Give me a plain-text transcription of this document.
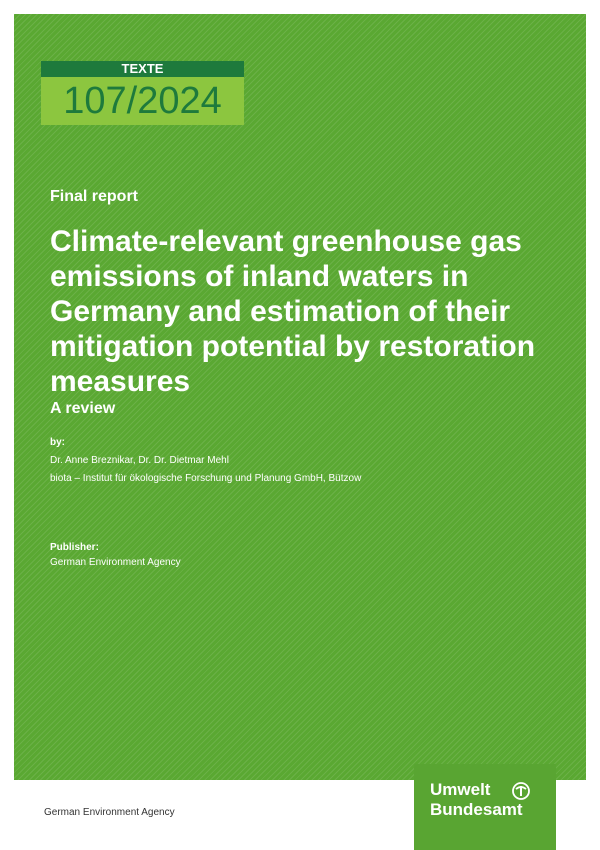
TEXTE
107/2024
Final report
Climate-relevant greenhouse gas emissions of inland waters in Germany and estimation of their mitigation potential by restoration measures
A review
by:
Dr. Anne Breznikar, Dr. Dr. Dietmar Mehl
biota – Institut für ökologische Forschung und Planung GmbH, Bützow
Publisher:
German Environment Agency
German Environment Agency
Umwelt
Bundesamt
